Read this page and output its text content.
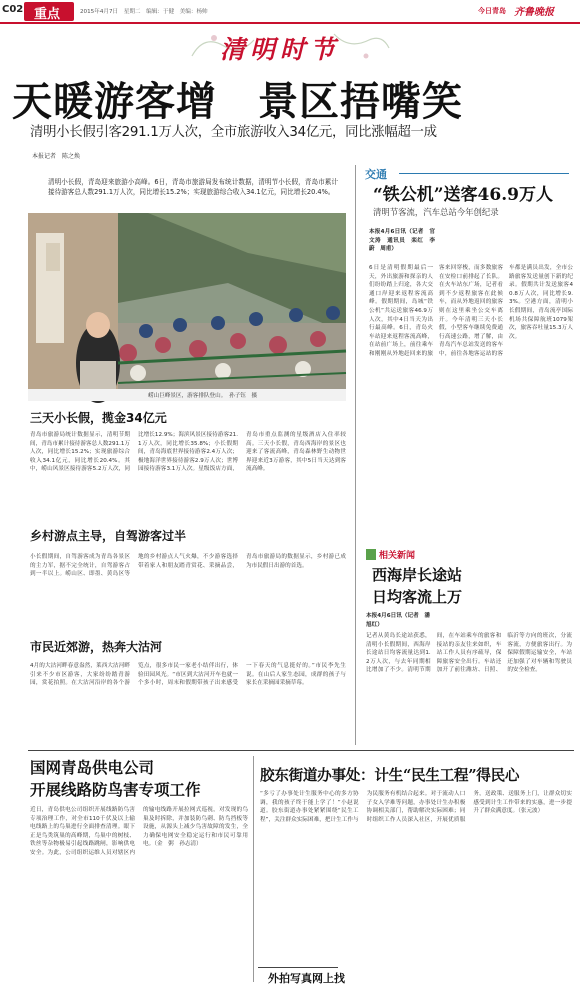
C02 重点	2015年4月7日　星期二　编辑：于健　美编：杨帅	今日青岛 齐鲁晚报
清明时节
天暖游客增　景区捂嘴笑
清明小长假引客291.1万人次，全市旅游收入34亿元，同比涨幅超一成
本报记者　陈之焕
清明小长假，青岛迎来旅游小高峰。6日，青岛市旅游局发布统计数据，清明节小长假，青岛市累计接待游客总人数291.1万人次，同比增长15.2%；实现旅游综合收入34.1亿元，同比增长20.4%。
崂山巨峰景区，游客排队登山。　孙子钰　摄
三天小长假，揽金34亿元
青岛市旅游局统计数据显示，清明节期间，青岛市累计接待游客总人数291.1万人次，同比增长15.2%；实现旅游综合收入34.1亿元，同比增长20.4%。其中，崂山风景区接待游客5.2万人次，同比增长12.9%；海滨风景区接待游客21.1万人次，同比增长35.8%；小长假期间，青岛海底世界接待游客2.4万人次；极地海洋世界接待游客2.9万人次；世博园接待游客3.1万人次。星级饭店方面，青岛市重点监测的星级酒店入住率较高。三天小长假，青岛西海岸的景区也迎来了客流高峰，青岛森林野生动物世界迎来近3万游客，其中5日当天达到客流高峰。
乡村游点主导，自驾游客过半
小长假期间，自驾游客成为青岛各景区的主力军，据不完全统计，自驾游客占到一半以上。崂山区、即墨、黄岛区等地的乡村游点人气火爆，不少游客选择带着家人和朋友踏青赏花、采摘品尝，青岛市旅游局的数据显示，乡村游已成为市民假日出游的首选。
市民近郊游，热奔大沽河
4月的大沽河畔春意盎然，莱西大沽河畔引来不少市区游客，大家纷纷踏青游园，赏花拍照。在大沽河沿岸的各个游览点，很多市民一家老小结伴出行，体验田园风光。“市区到大沽河开车也就一个多小时，周末和假期带孩子出来感受一下春天的气息挺好的。”市民李先生说。在山后人家生态园，成群的孩子与家长在采摘园采摘草莓。
交通
“铁公机”送客46.9万人
清明节客流，汽车总站今年创纪录
本报4月6日讯（记者　官文涛　通讯员　栾红　李　蔚　周甫）
6日是清明假期最后一天，外出旅游和探亲的人们纷纷踏上归途，各大交通口岸迎来返程客流高峰。假期期间，岛城“铁公机”共运送旅客46.9万人次，其中4日当天为出行最高峰。6日，青岛火车站迎来返程客流高峰，在站前广场上，前往乘车和刚刚从外地赶回来的旅客来回穿梭，而多数旅客在安检口前排起了长队。在火车站东广场，记者看到不少返程旅客在此候车，而从外地返回的旅客则在这里乘坐公交车离开。今年清明三天小长假，小型客车继续免费通行高速公路，增了解，由青岛汽车总站发送的客车中，前往各地客运站的客车都是满员出发，全市公路旅客发送量创下新的纪录。假期共计发送旅客40.8万人次，同比增长9.3%。空港方面，清明小长假期间，青岛流亭国际机场共保障航班1079架次，旅客吞吐量15.3万人次。
相关新闻
西海岸长途站
日均客流上万
本报4月6日讯（记者　潘旭红）
记者从黄岛长途站获悉，清明小长假期间，西海岸长途站日均客流量达到1.2万人次，与去年同期相比增加了不少。清明节期间，在车站乘车的旅客和接站的亲友往来如织，车站工作人员有序疏导，保障旅客安全出行。车站还加开了前往潍坊、日照、临沂等方向的班次，分流客流，方便旅客出行。为保障假期运输安全，车站还加强了对车辆和驾驶员的安全检查。
国网青岛供电公司
开展线路防鸟害专项工作
近日，青岛供电公司组织开展线路防鸟害专项治理工作，对全市110千伏及以上输电线路上的鸟巢进行全面排查清理。眼下正是鸟类筑巢的高峰期，鸟巢中的树枝、铁丝等杂物极易引起线路跳闸，影响供电安全。为此，公司组织运维人员对辖区内的输电线路开展拉网式巡视，对发现的鸟巢及时拆除，并加装防鸟刺、防鸟挡板等设施，从源头上减少鸟害故障的发生，全力确保电网安全稳定运行和市民可靠用电。（金　粥　孙志清）
胶东街道办事处：计生“民生工程”得民心
“多亏了办事处计生服务中心的多方协调，我的孩子终于能上学了！”小赵说道。胶东街道办事处紧紧围绕“民生工程”，关注群众实际困难，把计生工作与为民服务有机结合起来。对于流动人口子女入学难等问题，办事处计生办积极协调相关部门，帮助解决实际困难；同时组织工作人员深入社区，开展优质服务，送政策、送服务上门，让群众切实感受到计生工作带来的实惠，进一步提升了群众满意度。（张元波）
外拍写真网上找
